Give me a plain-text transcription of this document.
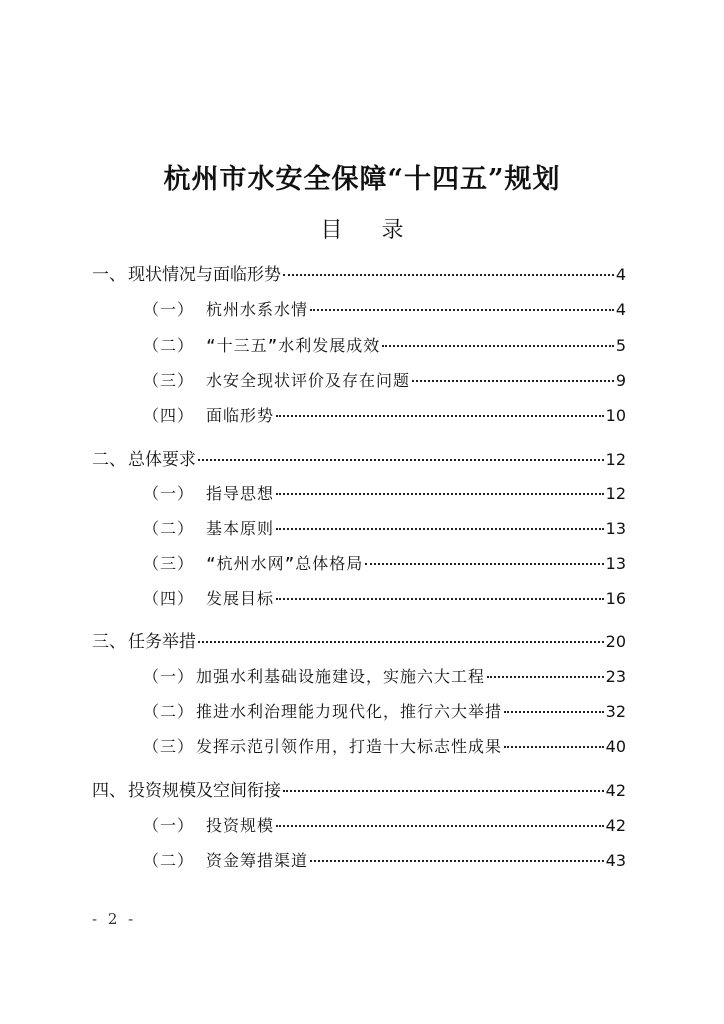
杭州市水安全保障“十四五”规划
目 录
一、 现状情况与面临形势	4
（一） 杭州水系水情	4
（二） “十三五”水利发展成效	5
（三） 水安全现状评价及存在问题	9
（四） 面临形势	10
二、 总体要求	12
（一） 指导思想	12
（二） 基本原则	13
（三） “杭州水网”总体格局	13
（四） 发展目标	16
三、 任务举措	20
（一） 加强水利基础设施建设，实施六大工程	23
（二） 推进水利治理能力现代化，推行六大举措	32
（三） 发挥示范引领作用，打造十大标志性成果	40
四、 投资规模及空间衔接	42
（一） 投资规模	42
（二） 资金筹措渠道	43
- 2 -
